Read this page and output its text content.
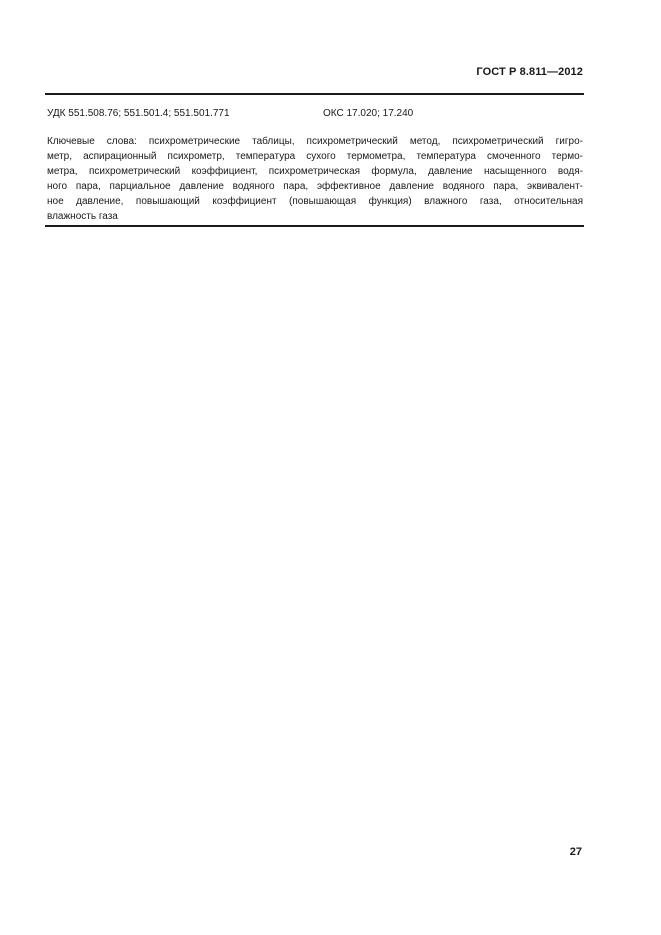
ГОСТ Р 8.811—2012
УДК 551.508.76; 551.501.4; 551.501.771	ОКС 17.020; 17.240
Ключевые слова: психрометрические таблицы, психрометрический метод, психрометрический гигро-
метр, аспирационный психрометр, температура сухого термометра, температура смоченного термо-
метра, психрометрический коэффициент, психрометрическая формула, давление насыщенного водя-
ного пара, парциальное давление водяного пара, эффективное давление водяного пара, эквивалент-
ное давление, повышающий коэффициент (повышающая функция) влажного газа, относительная
влажность газа
27
